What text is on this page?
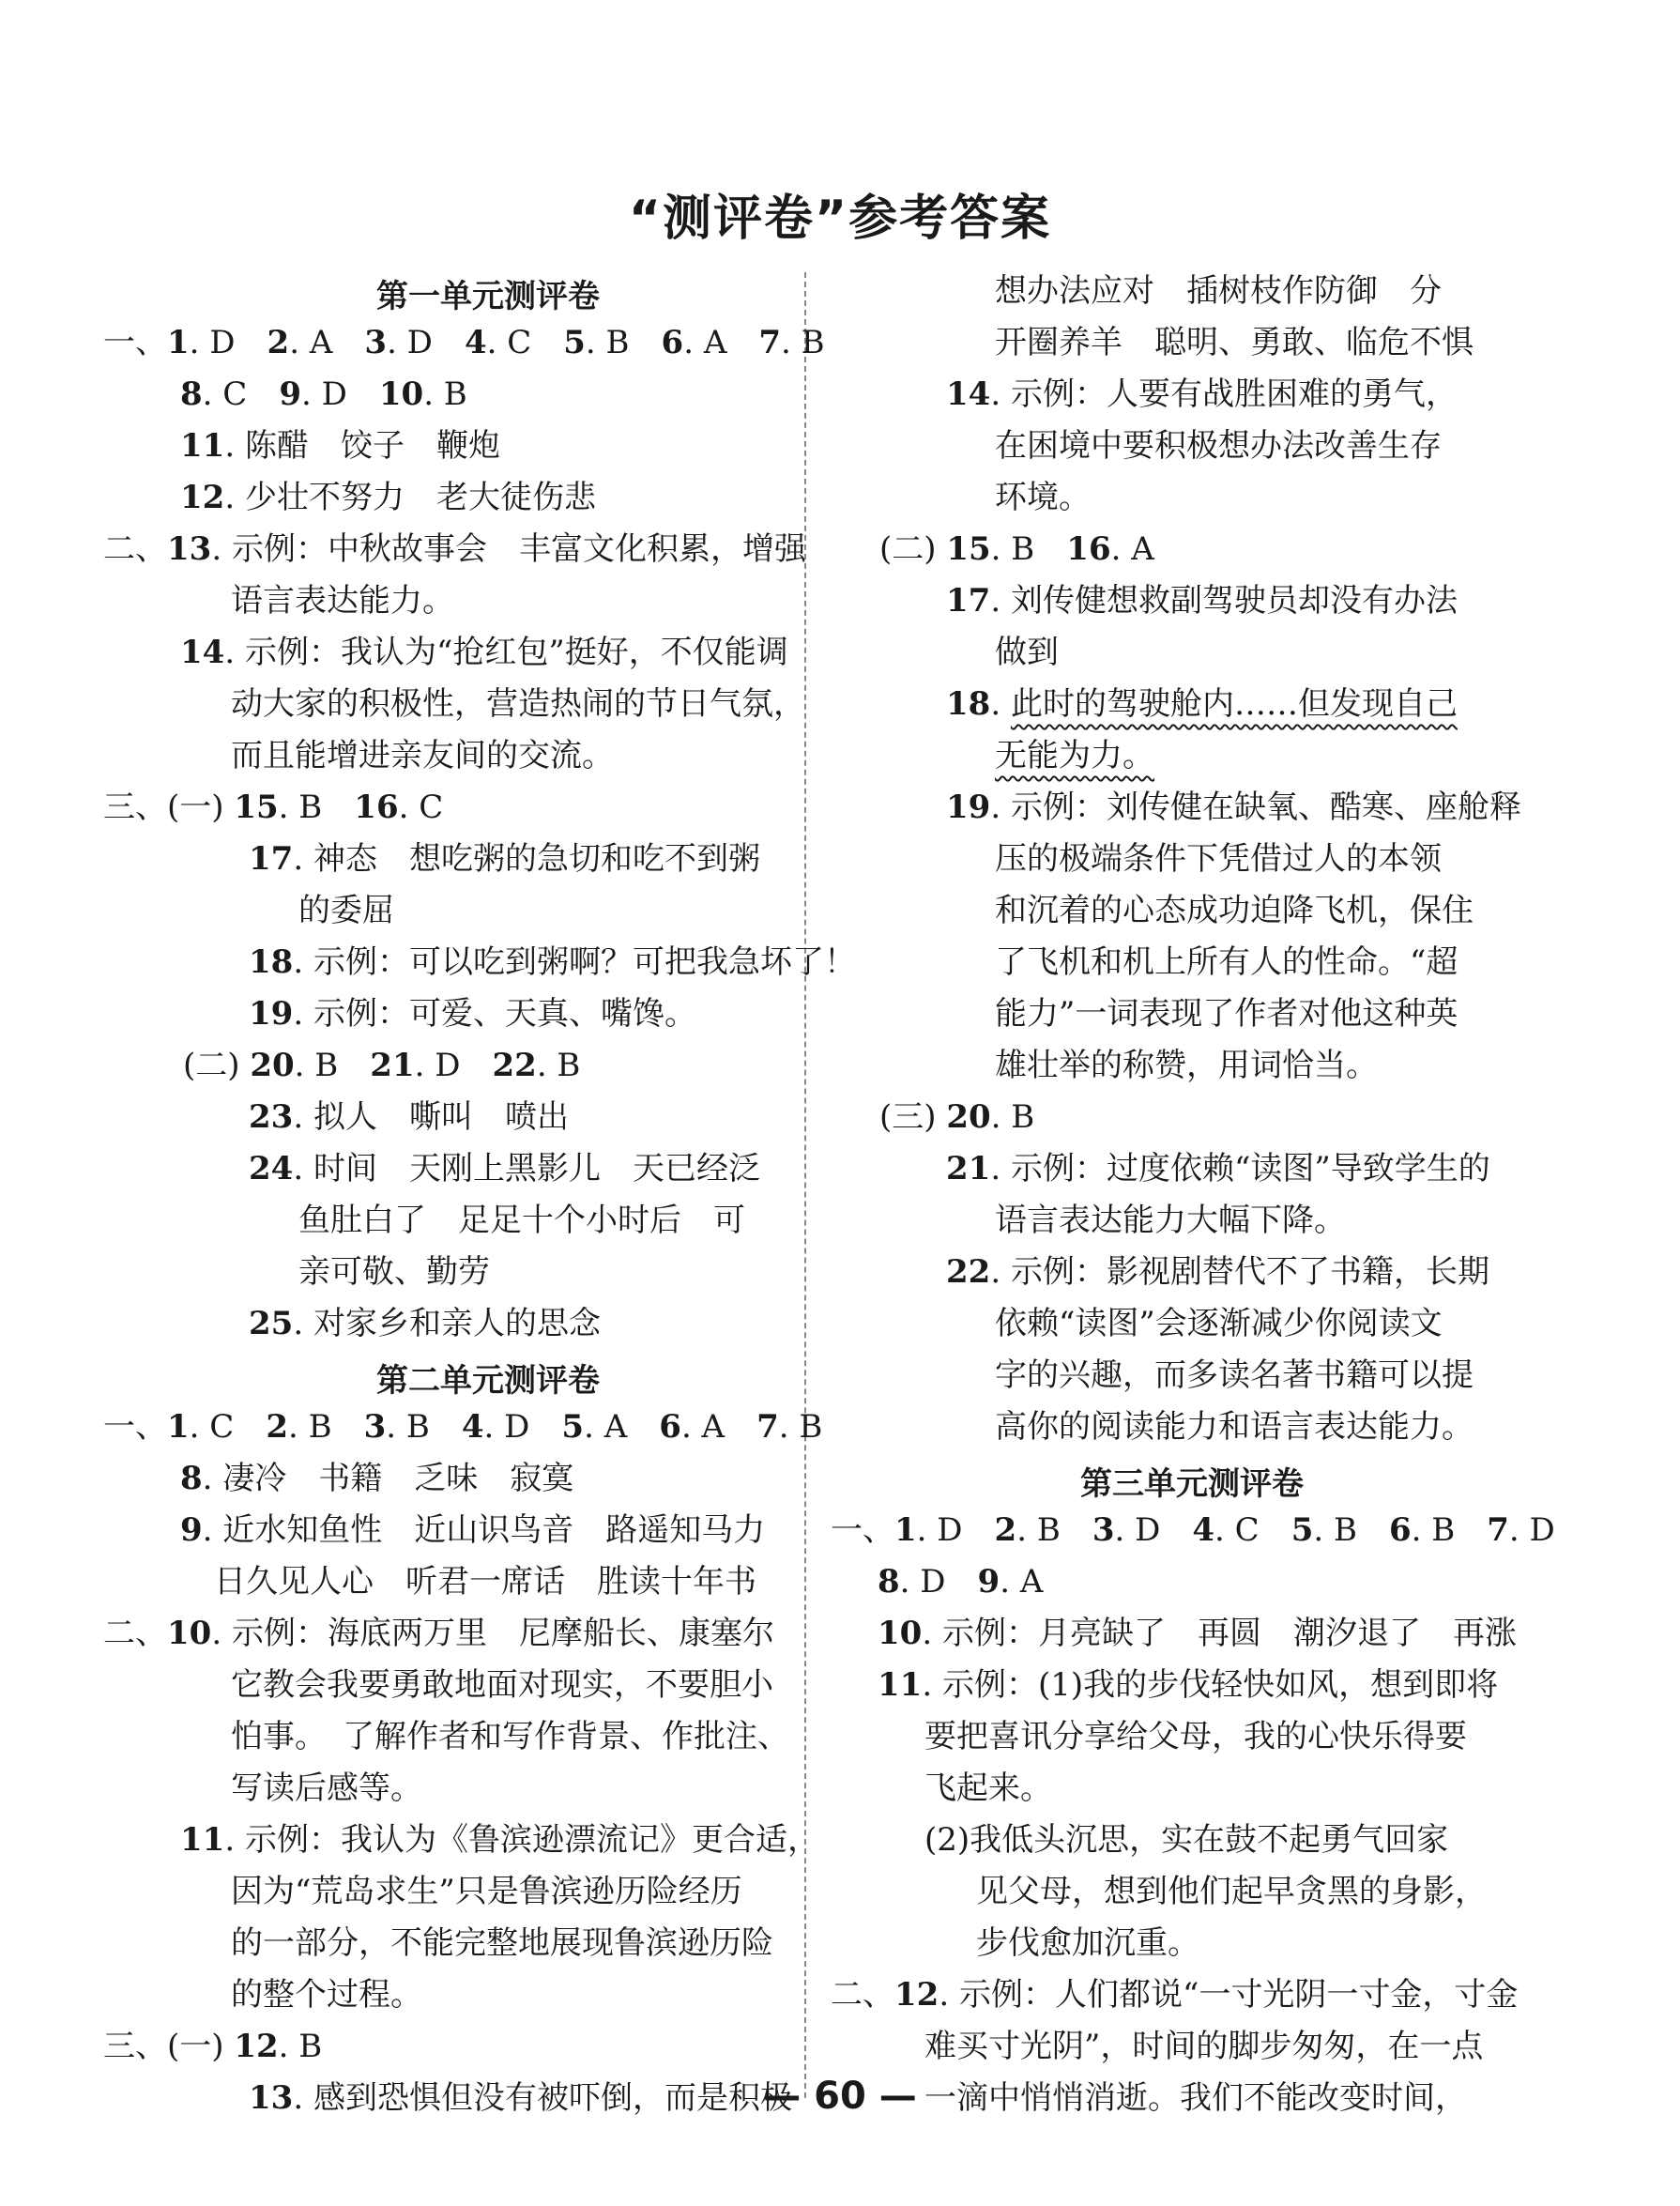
“测评卷”参考答案
第一单元测评卷
第二单元测评卷
第三单元测评卷
一、1. D　2. A　3. D　4. C　5. B　6. A　7. B
8. C　9. D　10. B
11. 陈醋　饺子　鞭炮
12. 少壮不努力　老大徒伤悲
二、13. 示例：中秋故事会　丰富文化积累，增强
语言表达能力。
14. 示例：我认为“抢红包”挺好，不仅能调
动大家的积极性，营造热闹的节日气氛，
而且能增进亲友间的交流。
三、(一) 15. B　16. C
17. 神态　想吃粥的急切和吃不到粥
的委屈
18. 示例：可以吃到粥啊？可把我急坏了！
19. 示例：可爱、天真、嘴馋。
(二) 20. B　21. D　22. B
23. 拟人　嘶叫　喷出
24. 时间　天刚上黑影儿　天已经泛
鱼肚白了　足足十个小时后　可
亲可敬、勤劳
25. 对家乡和亲人的思念
一、1. C　2. B　3. B　4. D　5. A　6. A　7. B
8. 凄冷　书籍　乏味　寂寞
9. 近水知鱼性　近山识鸟音　路遥知马力
日久见人心　听君一席话　胜读十年书
二、10. 示例：海底两万里　尼摩船长、康塞尔
它教会我要勇敢地面对现实，不要胆小
怕事。　了解作者和写作背景、作批注、
写读后感等。
11. 示例：我认为《鲁滨逊漂流记》更合适，
因为“荒岛求生”只是鲁滨逊历险经历
的一部分，不能完整地展现鲁滨逊历险
的整个过程。
三、(一) 12. B
13. 感到恐惧但没有被吓倒，而是积极
想办法应对　插树枝作防御　分
开圈养羊　聪明、勇敢、临危不惧
14. 示例：人要有战胜困难的勇气，
在困境中要积极想办法改善生存
环境。
(二) 15. B　16. A
17. 刘传健想救副驾驶员却没有办法
做到
18. 此时的驾驶舱内……但发现自己
无能为力。
19. 示例：刘传健在缺氧、酷寒、座舱释
压的极端条件下凭借过人的本领
和沉着的心态成功迫降飞机，保住
了飞机和机上所有人的性命。“超
能力”一词表现了作者对他这种英
雄壮举的称赞，用词恰当。
(三) 20. B
21. 示例：过度依赖“读图”导致学生的
语言表达能力大幅下降。
22. 示例：影视剧替代不了书籍，长期
依赖“读图”会逐渐减少你阅读文
字的兴趣，而多读名著书籍可以提
高你的阅读能力和语言表达能力。
一、1. D　2. B　3. D　4. C　5. B　6. B　7. D
8. D　9. A
10. 示例：月亮缺了　再圆　潮汐退了　再涨
11. 示例：(1)我的步伐轻快如风，想到即将
要把喜讯分享给父母，我的心快乐得要
飞起来。
(2)我低头沉思，实在鼓不起勇气回家
见父母，想到他们起早贪黑的身影，
步伐愈加沉重。
二、12. 示例：人们都说“一寸光阴一寸金，寸金
难买寸光阴”，时间的脚步匆匆，在一点
一滴中悄悄消逝。我们不能改变时间，
— 60 —
